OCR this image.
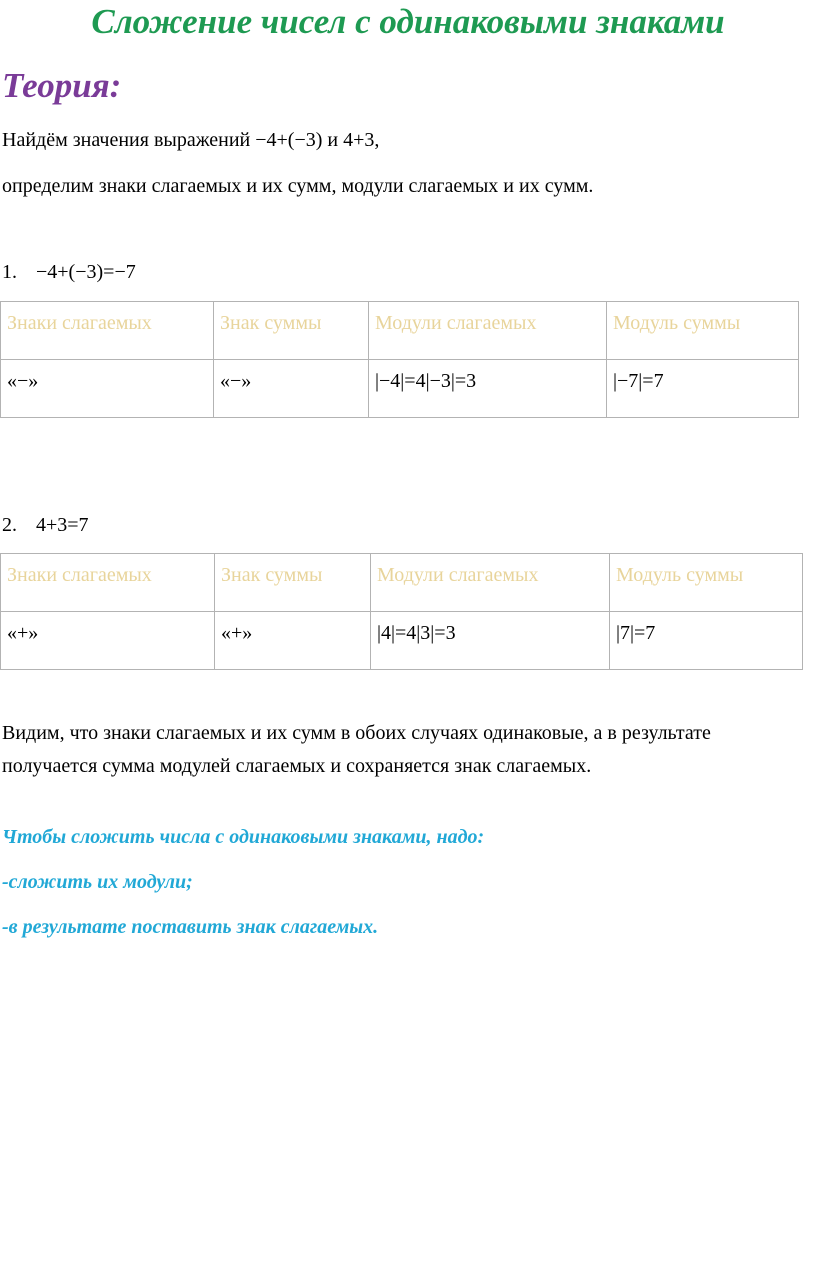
Сложение чисел с одинаковыми знаками
Теория:
Найдём значения выражений −4+(−3) и 4+3,
определим знаки слагаемых и их сумм, модули слагаемых и их сумм.
1. −4+(−3)=−7
Знаки слагаемых	Знак суммы	Модули слагаемых	Модуль суммы

«−»	«−»	|−4|=4|−3|=3	|−7|=7
2. 4+3=7
Знаки слагаемых	Знак суммы	Модули слагаемых	Модуль суммы

«+»	«+»	|4|=4|3|=3	|7|=7
Видим, что знаки слагаемых и их сумм в обоих случаях одинаковые, а в результате получается сумма модулей слагаемых и сохраняется знак слагаемых.
Чтобы сложить числа с одинаковыми знаками, надо:
-сложить их модули;
-в результате поставить знак слагаемых.
